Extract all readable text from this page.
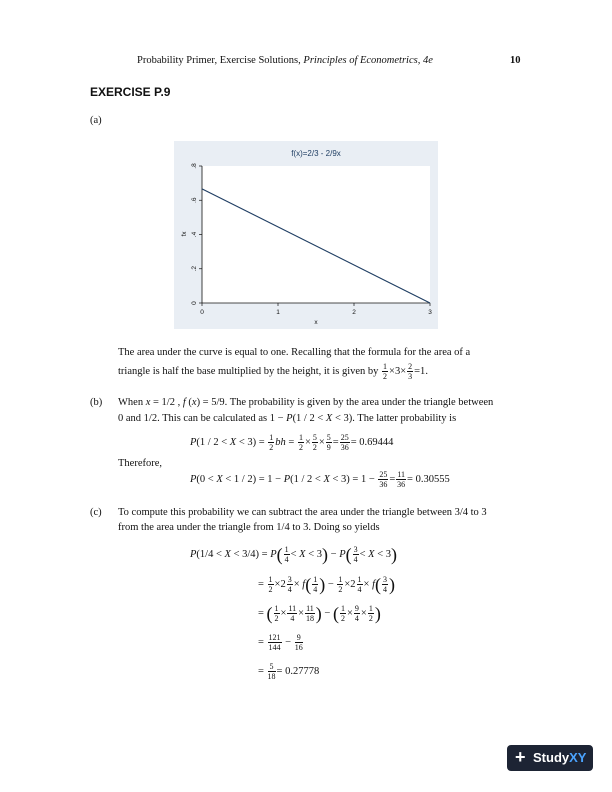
Probability Primer, Exercise Solutions, Principles of Econometrics, 4e	10
EXERCISE P.9
(a)
f(x)=2/3 - 2/9x
x
fx
0	1	2	3
0
.2
.4
.6
.8
The area under the curve is equal to one. Recalling that the formula for the area of a
triangle is half the base multiplied by the height, it is given by $\frac{1}{2} \times 3\times \frac{2}{3} =1$.
(b) When x = 1/2 , f (x) = 5/9. The probability is given by the area under the triangle between
0 and 1/2. This can be calculated as 1 − P(1 / 2 < X < 3). The latter probability is
$P(1 / 2 < X < 3) = \frac{1}{2}$ bh = $\frac{1}{2} \times \frac{5}{2} \times \frac{5}{9} = \frac{25}{36} = 0.69444$
Therefore,
$P(0 < X < 1 / 2) = 1 - P(1 / 2 < X < 3) = 1 - \frac{25}{36} = \frac{11}{36} = 0.30555$
(c) To compute this probability we can subtract the area under the triangle between 3/4 to 3
from the area under the triangle from 1/4 to 3. Doing so yields
$P(1/4 < X < 3/4) = P( \frac{1}{4} < X < 3) - P( \frac{3}{4} < X < 3)$
= $\frac{1}{2} \times 2 \frac{3}{4} \times f( \frac{1}{4}$ ) − $\frac{1}{2} \times 2 \frac{1}{4} \times f( \frac{3}{4}$ )
= ( $\frac{1}{2} \times \frac{11}{4} \times \frac{11}{18}$ ) − ( $\frac{1}{2} \times \frac{9}{4} \times \frac{1}{2}$ )
= $\frac{121}{144} - \frac{9}{16}$
= $\frac{5}{18} = 0.27778$
+ StudyXY
